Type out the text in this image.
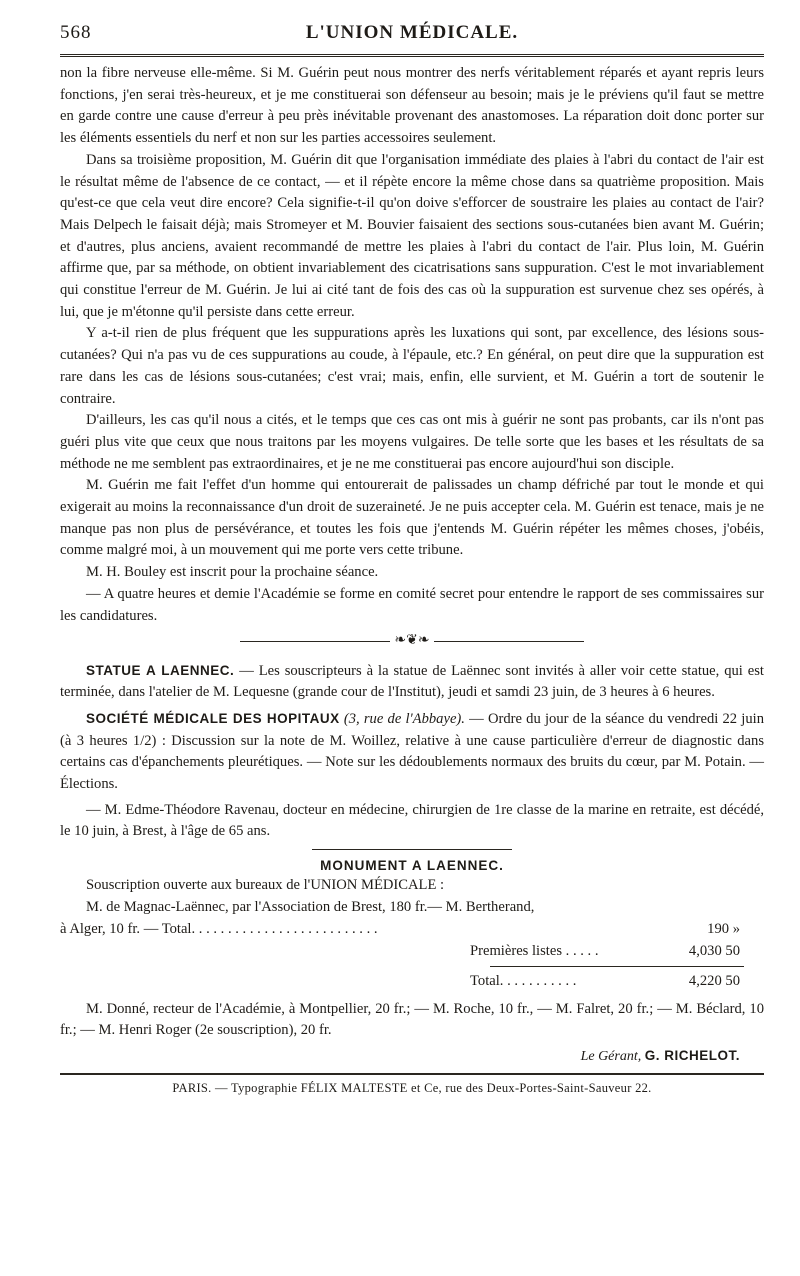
568	L'UNION MÉDICALE.

non la fibre nerveuse elle-même. Si M. Guérin peut nous montrer des nerfs véritablement réparés et ayant repris leurs fonctions, j'en serai très-heureux, et je me constituerai son défenseur au besoin; mais je le préviens qu'il faut se mettre en garde contre une cause d'erreur à peu près inévitable provenant des anastomoses. La réparation doit donc porter sur les éléments essentiels du nerf et non sur les parties accessoires seulement.

Dans sa troisième proposition, M. Guérin dit que l'organisation immédiate des plaies à l'abri du contact de l'air est le résultat même de l'absence de ce contact, — et il répète encore la même chose dans sa quatrième proposition. Mais qu'est-ce que cela veut dire encore? Cela signifie-t-il qu'on doive s'efforcer de soustraire les plaies au contact de l'air? Mais Delpech le faisait déjà; mais Stromeyer et M. Bouvier faisaient des sections sous-cutanées bien avant M. Guérin; et d'autres, plus anciens, avaient recommandé de mettre les plaies à l'abri du contact de l'air. Plus loin, M. Guérin affirme que, par sa méthode, on obtient invariablement des cicatrisations sans suppuration. C'est le mot invariablement qui constitue l'erreur de M. Guérin. Je lui ai cité tant de fois des cas où la suppuration est survenue chez ses opérés, à lui, que je m'étonne qu'il persiste dans cette erreur.

Y a-t-il rien de plus fréquent que les suppurations après les luxations qui sont, par excellence, des lésions sous-cutanées? Qui n'a pas vu de ces suppurations au coude, à l'épaule, etc.? En général, on peut dire que la suppuration est rare dans les cas de lésions sous-cutanées; c'est vrai; mais, enfin, elle survient, et M. Guérin a tort de soutenir le contraire.

D'ailleurs, les cas qu'il nous a cités, et le temps que ces cas ont mis à guérir ne sont pas probants, car ils n'ont pas guéri plus vite que ceux que nous traitons par les moyens vulgaires. De telle sorte que les bases et les résultats de sa méthode ne me semblent pas extraordinaires, et je ne me constituerai pas encore aujourd'hui son disciple.

M. Guérin me fait l'effet d'un homme qui entourerait de palissades un champ défriché par tout le monde et qui exigerait au moins la reconnaissance d'un droit de suzeraineté. Je ne puis accepter cela. M. Guérin est tenace, mais je ne manque pas non plus de persévérance, et toutes les fois que j'entends M. Guérin répéter les mêmes choses, j'obéis, comme malgré moi, à un mouvement qui me porte vers cette tribune.

M. H. Bouley est inscrit pour la prochaine séance.

— A quatre heures et demie l'Académie se forme en comité secret pour entendre le rapport de ses commissaires sur les candidatures.

❧❦❧

STATUE A LAENNEC. — Les souscripteurs à la statue de Laënnec sont invités à aller voir cette statue, qui est terminée, dans l'atelier de M. Lequesne (grande cour de l'Institut), jeudi et samdi 23 juin, de 3 heures à 6 heures.

SOCIÉTÉ MÉDICALE DES HOPITAUX (3, rue de l'Abbaye). — Ordre du jour de la séance du vendredi 22 juin (à 3 heures 1/2) : Discussion sur la note de M. Woillez, relative à une cause particulière d'erreur de diagnostic dans certains cas d'épanchements pleurétiques. — Note sur les dédoublements normaux des bruits du cœur, par M. Potain. — Élections.

— M. Edme-Théodore Ravenau, docteur en médecine, chirurgien de 1re classe de la marine en retraite, est décédé, le 10 juin, à Brest, à l'âge de 65 ans.

MONUMENT A LAENNEC.

Souscription ouverte aux bureaux de l'UNION MÉDICALE :

M. de Magnac-Laënnec, par l'Association de Brest, 180 fr.— M. Bertherand,

à Alger, 10 fr. — Total. . . . . . . . . . . . . . . . . . . . . . . . . .	190 »
Premières listes . . . . .	4,030 50
Total. . . . . . . . . . .	4,220 50

M. Donné, recteur de l'Académie, à Montpellier, 20 fr.; — M. Roche, 10 fr., — M. Falret, 20 fr.; — M. Béclard, 10 fr.; — M. Henri Roger (2e souscription), 20 fr.

Le Gérant, G. RICHELOT.
PARIS. — Typographie FÉLIX MALTESTE et Ce, rue des Deux-Portes-Saint-Sauveur 22.
